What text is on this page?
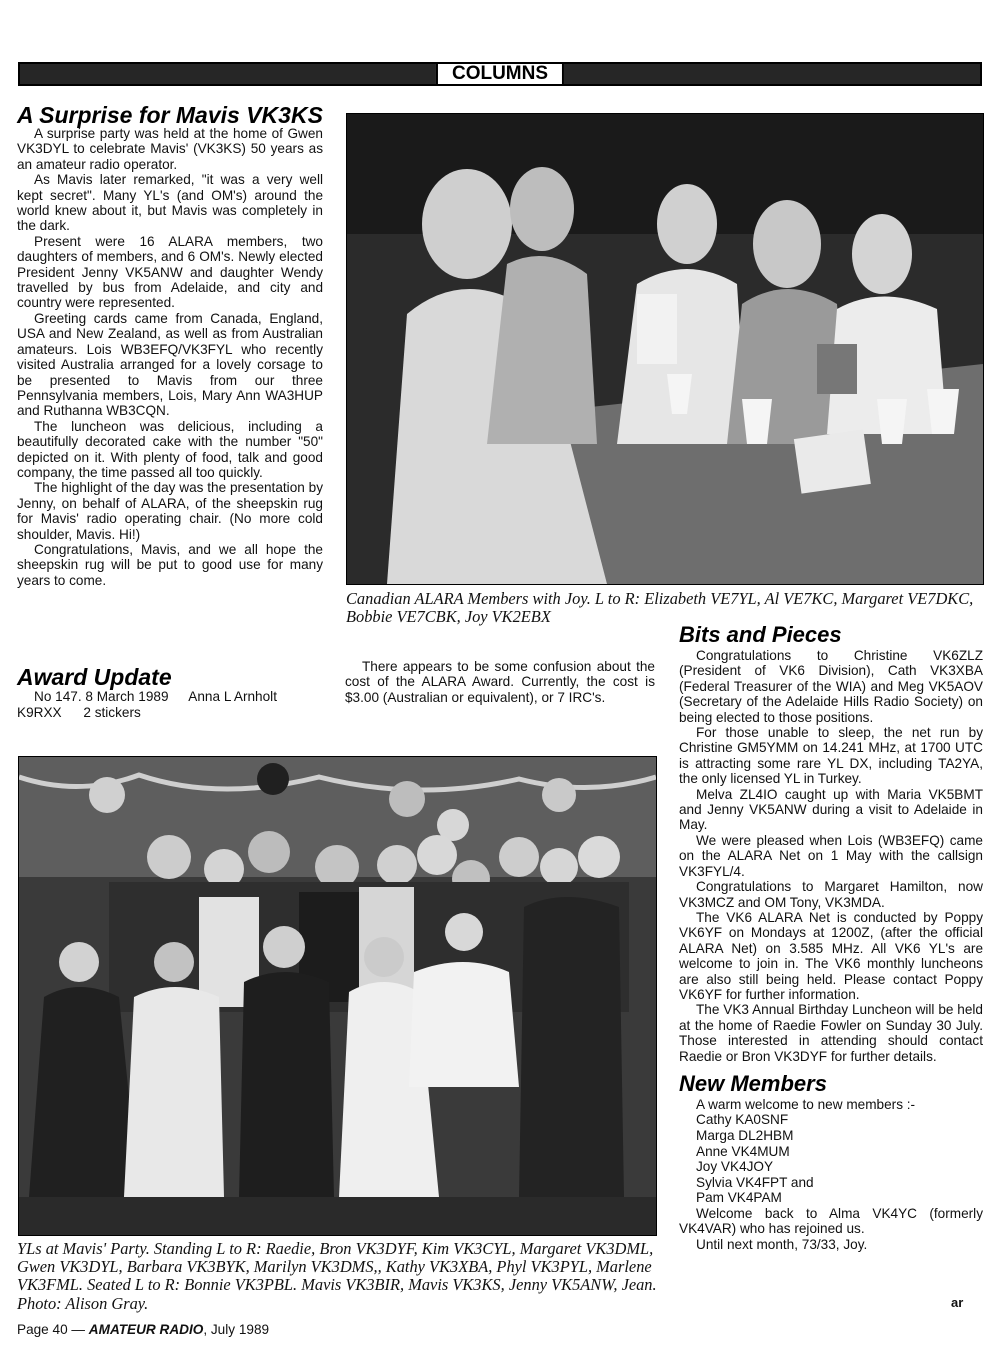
COLUMNS
A Surprise for Mavis VK3KS

A surprise party was held at the home of Gwen VK3DYL to celebrate Mavis' (VK3KS) 50 years as an amateur radio operator.

As Mavis later remarked, "it was a very well kept secret". Many YL's (and OM's) around the world knew about it, but Mavis was completely in the dark.

Present were 16 ALARA members, two daughters of members, and 6 OM's. Newly elected President Jenny VK5ANW and daughter Wendy travelled by bus from Adelaide, and city and country were represented.

Greeting cards came from Canada, England, USA and New Zealand, as well as from Australian amateurs. Lois WB3EFQ/VK3FYL who recently visited Australia arranged for a lovely corsage to be presented to Mavis from our three Pennsylvania members, Lois, Mary Ann WA3HUP and Ruthanna WB3CQN.

The luncheon was delicious, including a beautifully decorated cake with the number "50" depicted on it. With plenty of food, talk and good company, the time passed all too quickly.

The highlight of the day was the presentation by Jenny, on behalf of ALARA, of the sheepskin rug for Mavis' radio operating chair. (No more cold shoulder, Mavis. Hi!)

Congratulations, Mavis, and we all hope the sheepskin rug will be put to good use for many years to come.

Canadian ALARA Members with Joy. L to R: Elizabeth VE7YL, Al VE7KC, Margaret VE7DKC, Bobbie VE7CBK, Joy VK2EBX
Award Update
No 147. 8 March 1989 Anna L Arnholt
K9RXX 2 stickers

There appears to be some confusion about the cost of the ALARA Award. Currently, the cost is $3.00 (Australian or equivalent), or 7 IRC's.

YLs at Mavis' Party. Standing L to R: Raedie, Bron VK3DYF, Kim VK3CYL, Margaret VK3DML, Gwen VK3DYL, Barbara VK3BYK, Marilyn VK3DMS,, Kathy VK3XBA, Phyl VK3PYL, Marlene VK3FML. Seated L to R: Bonnie VK3PBL. Mavis VK3BIR, Mavis VK3KS, Jenny VK5ANW, Jean. Photo: Alison Gray.
Bits and Pieces

Congratulations to Christine VK6ZLZ (President of VK6 Division), Cath VK3XBA (Federal Treasurer of the WIA) and Meg VK5AOV (Secretary of the Adelaide Hills Radio Society) on being elected to those positions.

For those unable to sleep, the net run by Christine GM5YMM on 14.241 MHz, at 1700 UTC is attracting some rare YL DX, including TA2YA, the only licensed YL in Turkey.

Melva ZL4IO caught up with Maria VK5BMT and Jenny VK5ANW during a visit to Adelaide in May.

We were pleased when Lois (WB3EFQ) came on the ALARA Net on 1 May with the callsign VK3FYL/4.

Congratulations to Margaret Hamilton, now VK3MCZ and OM Tony, VK3MDA.

The VK6 ALARA Net is conducted by Poppy VK6YF on Mondays at 1200Z, (after the official ALARA Net) on 3.585 MHz. All VK6 YL's are welcome to join in. The VK6 monthly luncheons are also still being held. Please contact Poppy VK6YF for further information.

The VK3 Annual Birthday Luncheon will be held at the home of Raedie Fowler on Sunday 30 July. Those interested in attending should contact Raedie or Bron VK3DYF for further details.

New Members

A warm welcome to new members :-

Cathy KA0SNF
Marga DL2HBM
Anne VK4MUM
Joy VK4JOY
Sylvia VK4FPT and
Pam VK4PAM

Welcome back to Alma VK4YC (formerly VK4VAR) who has rejoined us.

Until next month, 73/33, Joy.

ar
Page 40 — AMATEUR RADIO, July 1989
